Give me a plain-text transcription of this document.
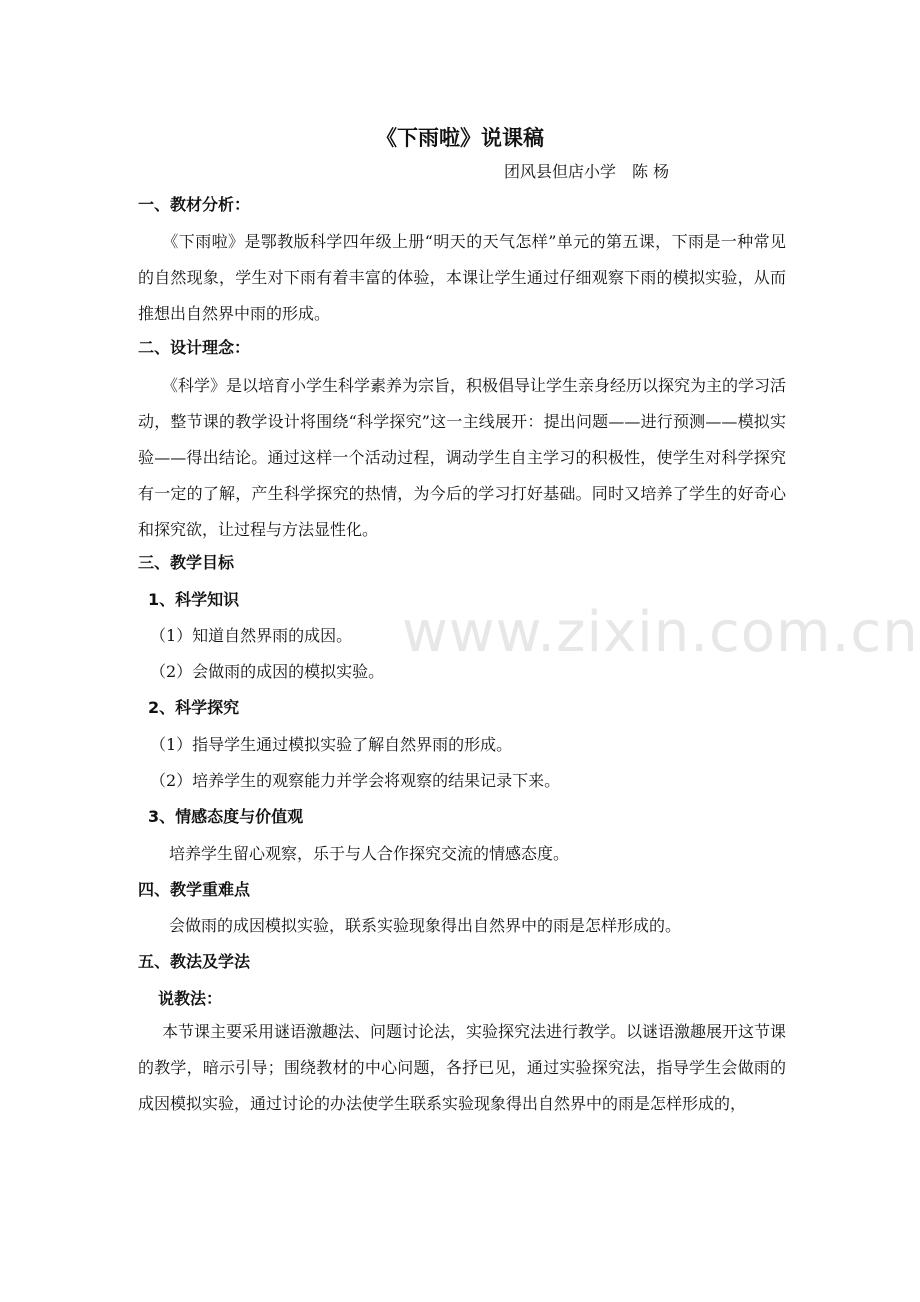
《下雨啦》说课稿
团风县但店小学　陈 杨
一、教材分析：
《下雨啦》是鄂教版科学四年级上册“明天的天气怎样”单元的第五课，下雨是一种常见的自然现象，学生对下雨有着丰富的体验，本课让学生通过仔细观察下雨的模拟实验，从而推想出自然界中雨的形成。
二、设计理念：
《科学》是以培育小学生科学素养为宗旨，积极倡导让学生亲身经历以探究为主的学习活动，整节课的教学设计将围绕“科学探究”这一主线展开：提出问题——进行预测——模拟实验——得出结论。通过这样一个活动过程，调动学生自主学习的积极性，使学生对科学探究有一定的了解，产生科学探究的热情，为今后的学习打好基础。同时又培养了学生的好奇心和探究欲，让过程与方法显性化。
三、教学目标
1、科学知识
（1）知道自然界雨的成因。
（2）会做雨的成因的模拟实验。
2、科学探究
（1）指导学生通过模拟实验了解自然界雨的形成。
（2）培养学生的观察能力并学会将观察的结果记录下来。
3、情感态度与价值观
培养学生留心观察，乐于与人合作探究交流的情感态度。
四、教学重难点
会做雨的成因模拟实验，联系实验现象得出自然界中的雨是怎样形成的。
五、教法及学法
说教法：
本节课主要采用谜语激趣法、问题讨论法，实验探究法进行教学。以谜语激趣展开这节课的教学，暗示引导；围绕教材的中心问题，各抒已见，通过实验探究法，指导学生会做雨的成因模拟实验，通过讨论的办法使学生联系实验现象得出自然界中的雨是怎样形成的，
www.zixin.com.cn
